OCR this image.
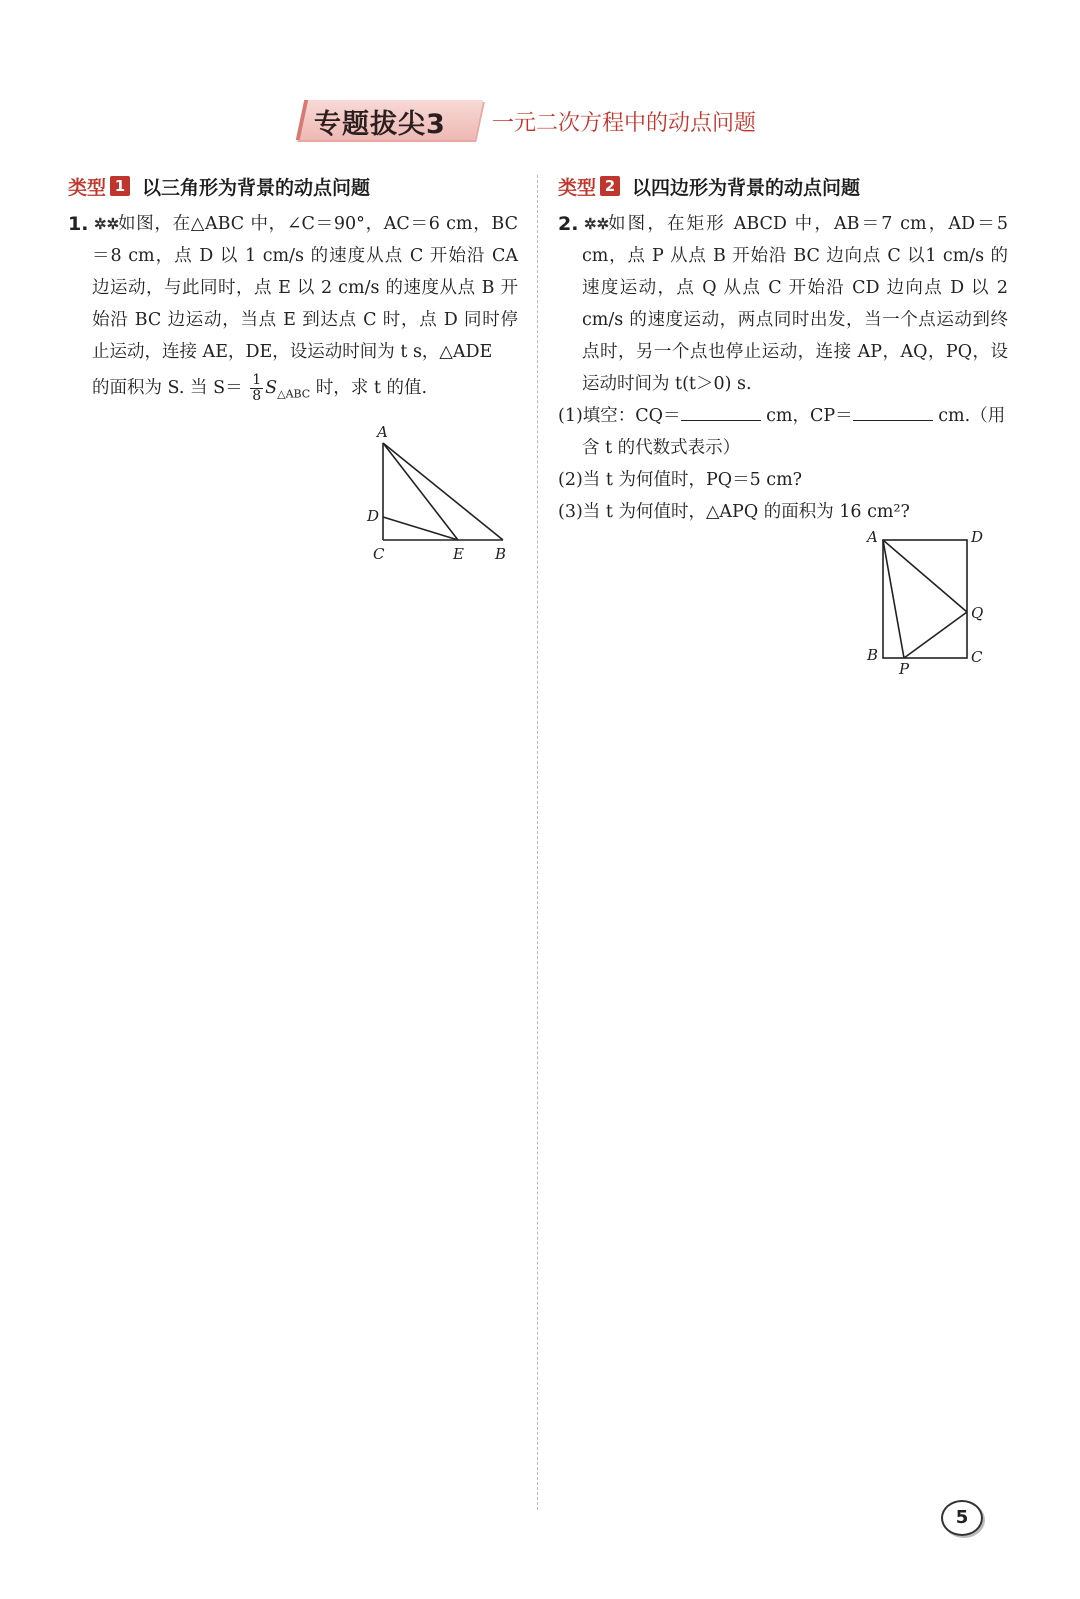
专题拔尖3 一元二次方程中的动点问题
类型 1 以三角形为背景的动点问题
1. ✲✲
如图，在△ABC 中，∠C＝90°，AC＝6 cm，BC＝8 cm，点 D 以 1 cm/s 的速度从点 C 开始沿 CA 边运动，与此同时，点 E 以 2 cm/s 的速度从点 B 开始沿 BC 边运动，当点 E 到达点 C 时，点 D 同时停止运动，连接 AE，DE，设运动时间为 t s，△ADE
的面积为 S. 当 $S= \frac{1}{8} S_{\triangle ABC}$ 时，求 t 的值.
A
D
C	E B
类型 2 以四边形为背景的动点问题
2. ✲✲
如图，在矩形 ABCD 中，AB＝7 cm，AD＝5 cm，点 P 从点 B 开始沿 BC 边向点 C 以1 cm/s 的速度运动，点 Q 从点 C 开始沿 CD 边向点 D 以 2 cm/s 的速度运动，两点同时出发，当一个点运动到终点时，另一个点也停止运动，连接 AP，AQ，PQ，设运动时间为 t(t＞0) s.
(1)填空：CQ＝	cm，CP＝	cm.（用
含 t 的代数式表示）
(2)当 t 为何值时，PQ＝5 cm?
(3)当 t 为何值时，△APQ 的面积为 16 cm²?
A	D
Q
B
P
C
5
